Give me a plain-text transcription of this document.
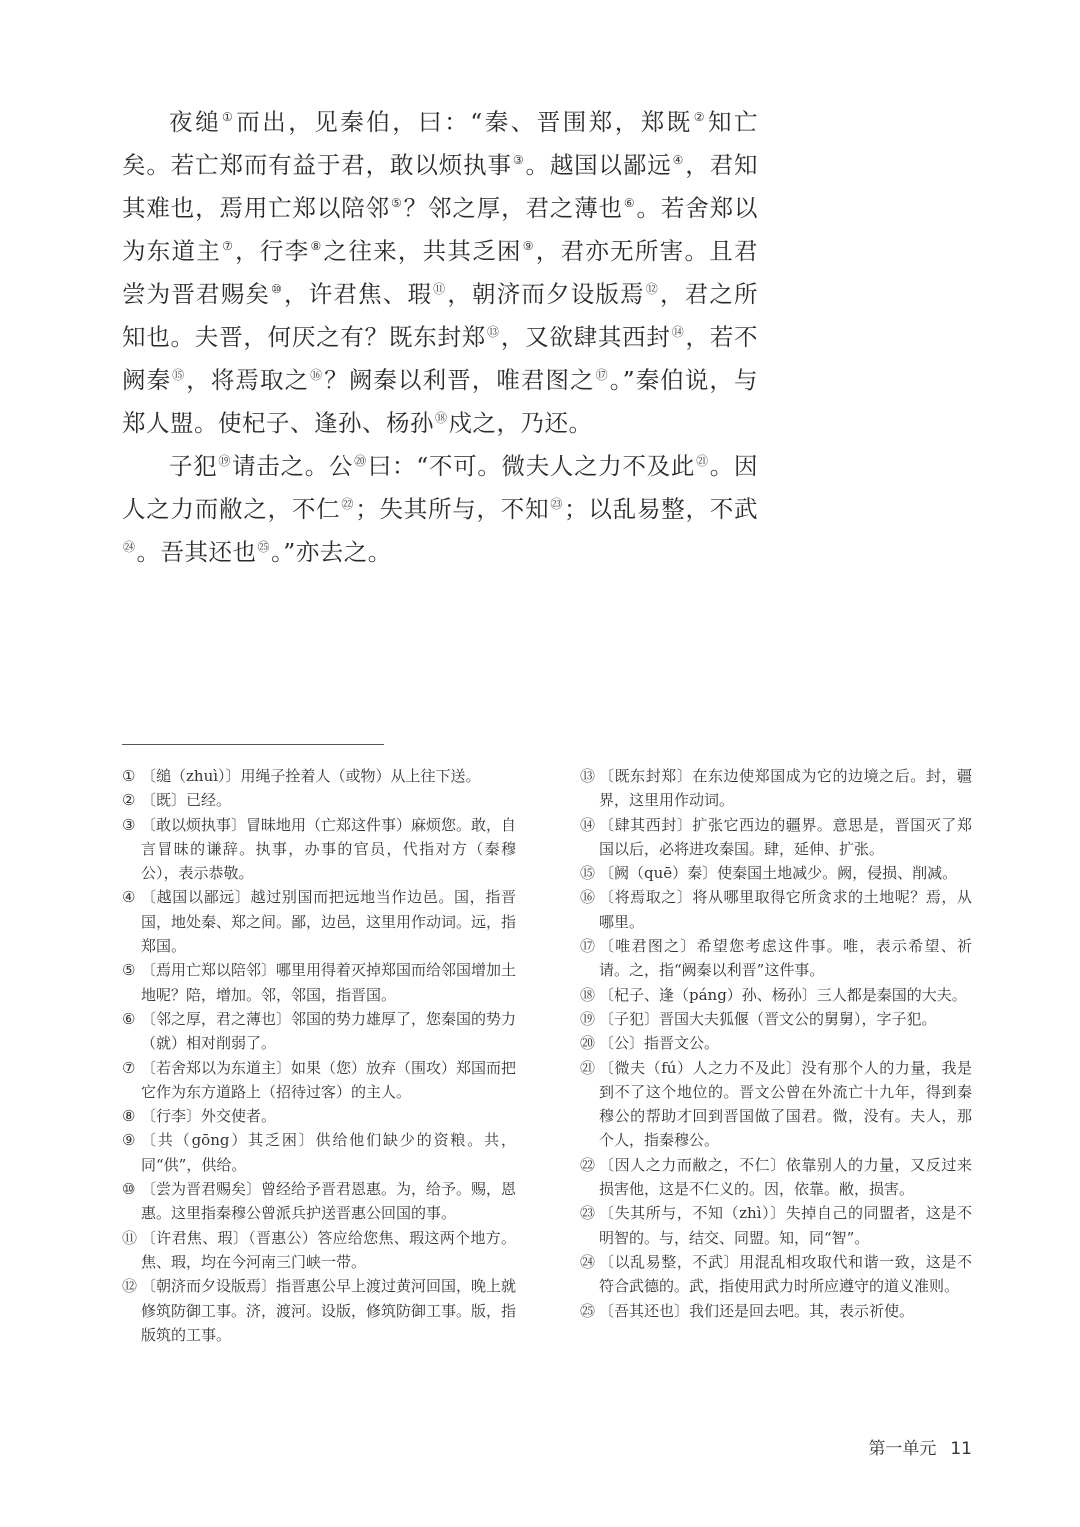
夜缒①而出，见秦伯，曰：“秦、晋围郑，郑既②知亡矣。若亡郑而有益于君，敢以烦执事③。越国以鄙远④，君知其难也，焉用亡郑以陪邻⑤？邻之厚，君之薄也⑥。若舍郑以为东道主⑦，行李⑧之往来，共其乏困⑨，君亦无所害。且君尝为晋君赐矣⑩，许君焦、瑕⑪，朝济而夕设版焉⑫，君之所知也。夫晋，何厌之有？既东封郑⑬，又欲肆其西封⑭，若不阙秦⑮，将焉取之⑯？阙秦以利晋，唯君图之⑰。”秦伯说，与郑人盟。使杞子、逢孙、杨孙⑱戍之，乃还。

子犯⑲请击之。公⑳曰：“不可。微夫人之力不及此$^㉑$。因人之力而敝之，不仁$^㉒$；失其所与，不知$^㉓$；以乱易整，不武$^㉔$。吾其还也$^㉕$。”亦去之。

① 〔缒（zhuì）〕用绳子拴着人（或物）从上往下送。

② 〔既〕已经。

③ 〔敢以烦执事〕冒昧地用（亡郑这件事）麻烦您。敢，自言冒昧的谦辞。执事，办事的官员，代指对方（秦穆公），表示恭敬。

④ 〔越国以鄙远〕越过别国而把远地当作边邑。国，指晋国，地处秦、郑之间。鄙，边邑，这里用作动词。远，指郑国。

⑤ 〔焉用亡郑以陪邻〕哪里用得着灭掉郑国而给邻国增加土地呢？陪，增加。邻，邻国，指晋国。

⑥ 〔邻之厚，君之薄也〕邻国的势力雄厚了，您秦国的势力（就）相对削弱了。

⑦ 〔若舍郑以为东道主〕如果（您）放弃（围攻）郑国而把它作为东方道路上（招待过客）的主人。

⑧ 〔行李〕外交使者。

⑨ 〔共（gōng）其乏困〕供给他们缺少的资粮。共，同“供”，供给。

⑩ 〔尝为晋君赐矣〕曾经给予晋君恩惠。为，给予。赐，恩惠。这里指秦穆公曾派兵护送晋惠公回国的事。

⑪ 〔许君焦、瑕〕（晋惠公）答应给您焦、瑕这两个地方。焦、瑕，均在今河南三门峡一带。

⑫ 〔朝济而夕设版焉〕指晋惠公早上渡过黄河回国，晚上就修筑防御工事。济，渡河。设版，修筑防御工事。版，指版筑的工事。

⑬ 〔既东封郑〕在东边使郑国成为它的边境之后。封，疆界，这里用作动词。

⑭ 〔肆其西封〕扩张它西边的疆界。意思是，晋国灭了郑国以后，必将进攻秦国。肆，延伸、扩张。

⑮ 〔阙（quē）秦〕使秦国土地减少。阙，侵损、削减。

⑯ 〔将焉取之〕将从哪里取得它所贪求的土地呢？焉，从哪里。

⑰ 〔唯君图之〕希望您考虑这件事。唯，表示希望、祈请。之，指“阙秦以利晋”这件事。

⑱ 〔杞子、逢（páng）孙、杨孙〕三人都是秦国的大夫。

⑲ 〔子犯〕晋国大夫狐偃（晋文公的舅舅），字子犯。

⑳ 〔公〕指晋文公。

㉑ 〔微夫（fú）人之力不及此〕没有那个人的力量，我是到不了这个地位的。晋文公曾在外流亡十九年，得到秦穆公的帮助才回到晋国做了国君。微，没有。夫人，那个人，指秦穆公。

㉒ 〔因人之力而敝之，不仁〕依靠别人的力量，又反过来损害他，这是不仁义的。因，依靠。敝，损害。

㉓ 〔失其所与，不知（zhì）〕失掉自己的同盟者，这是不明智的。与，结交、同盟。知，同“智”。

㉔ 〔以乱易整，不武〕用混乱相攻取代和谐一致，这是不符合武德的。武，指使用武力时所应遵守的道义准则。

㉕ 〔吾其还也〕我们还是回去吧。其，表示祈使。

第一单元 11
